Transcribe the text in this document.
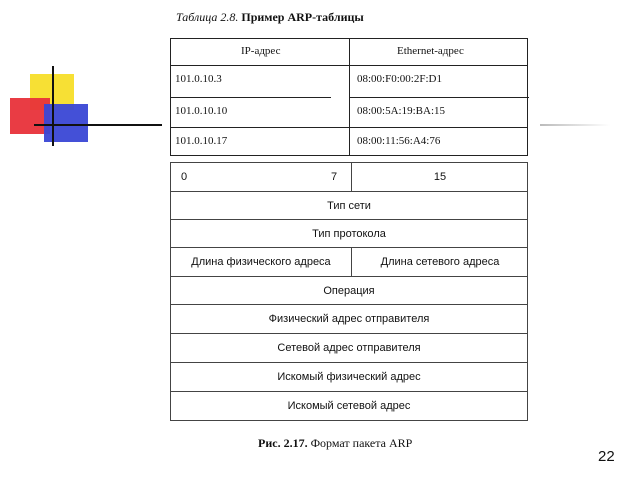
Таблица 2.8. Пример ARP-таблицы
IP-адрес	Ethernet-адрес
101.0.10.3	08:00:F0:00:2F:D1
101.0.10.10	08:00:5A:19:BA:15
101.0.10.17	08:00:11:56:A4:76
0	7	15
Тип сети
Тип протокола
Длина физического адреса	Длина сетевого адреса
Операция
Физический адрес отправителя
Сетевой адрес отправителя
Искомый физический адрес
Искомый сетевой адрес
Рис. 2.17. Формат пакета ARP
22
